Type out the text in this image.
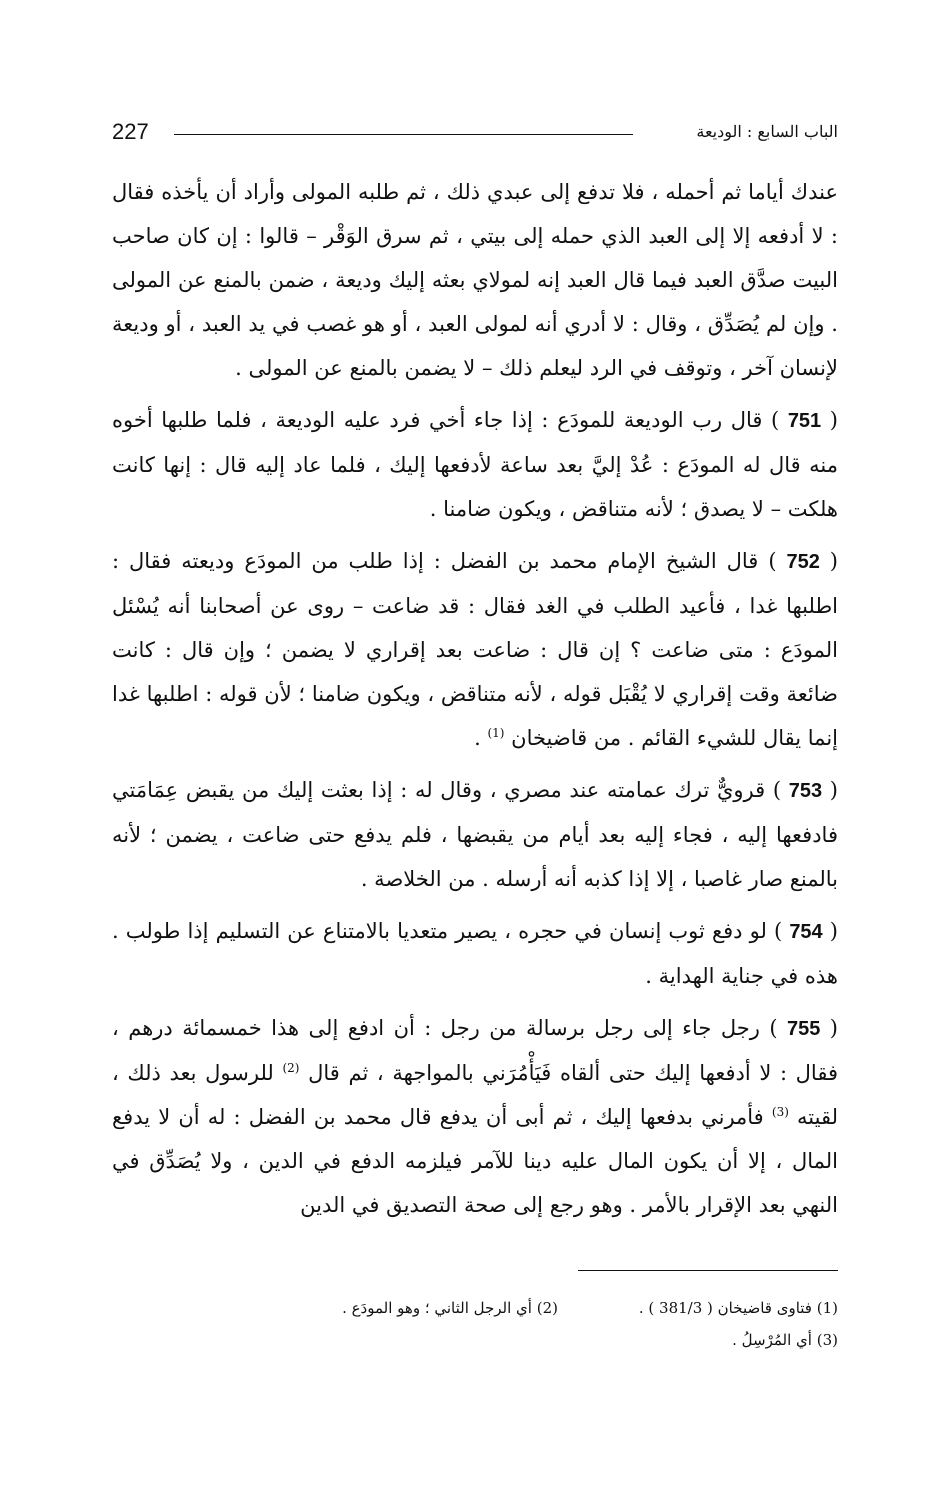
227	الباب السابع : الوديعة

عندك أياما ثم أحمله ، فلا تدفع إلى عبدي ذلك ، ثم طلبه المولى وأراد أن يأخذه فقال : لا أدفعه إلا إلى العبد الذي حمله إلى بيتي ، ثم سرق الوَقْر – قالوا : إن كان صاحب البيت صدَّق العبد فيما قال العبد إنه لمولاي بعثه إليك وديعة ، ضمن بالمنع عن المولى . وإن لم يُصَدِّق ، وقال : لا أدري أنه لمولى العبد ، أو هو غصب في يد العبد ، أو وديعة لإنسان آخر ، وتوقف في الرد ليعلم ذلك – لا يضمن بالمنع عن المولى .

( 751 ) قال رب الوديعة للمودَع : إذا جاء أخي فرد عليه الوديعة ، فلما طلبها أخوه منه قال له المودَع : عُدْ إليَّ بعد ساعة لأدفعها إليك ، فلما عاد إليه قال : إنها كانت هلكت – لا يصدق ؛ لأنه متناقض ، ويكون ضامنا .

( 752 ) قال الشيخ الإمام محمد بن الفضل : إذا طلب من المودَع وديعته فقال : اطلبها غدا ، فأعيد الطلب في الغد فقال : قد ضاعت – روى عن أصحابنا أنه يُسْئل المودَع : متى ضاعت ؟ إن قال : ضاعت بعد إقراري لا يضمن ؛ وإن قال : كانت ضائعة وقت إقراري لا يُقْبَل قوله ، لأنه متناقض ، ويكون ضامنا ؛ لأن قوله : اطلبها غدا إنما يقال للشيء القائم . من قاضيخان $^{(1)}$ .

( 753 ) قرويٌّ ترك عمامته عند مصري ، وقال له : إذا بعثت إليك من يقبض عِمَامَتي فادفعها إليه ، فجاء إليه بعد أيام من يقبضها ، فلم يدفع حتى ضاعت ، يضمن ؛ لأنه بالمنع صار غاصبا ، إلا إذا كذبه أنه أرسله . من الخلاصة .

( 754 ) لو دفع ثوب إنسان في حجره ، يصير متعديا بالامتناع عن التسليم إذا طولب . هذه في جناية الهداية .

( 755 ) رجل جاء إلى رجل برسالة من رجل : أن ادفع إلى هذا خمسمائة درهم ، فقال : لا أدفعها إليك حتى ألقاه فَيَأْمُرَني بالمواجهة ، ثم قال $^{(2)}$ للرسول بعد ذلك ، لقيته $^{(3)}$ فأمرني بدفعها إليك ، ثم أبى أن يدفع قال محمد بن الفضل : له أن لا يدفع المال ، إلا أن يكون المال عليه دينا للآمر فيلزمه الدفع في الدين ، ولا يُصَدِّق في النهي بعد الإقرار بالأمر . وهو رجع إلى صحة التصديق في الدين

(1) فتاوى قاضيخان ( 381/3 ) .
(2) أي الرجل الثاني ؛ وهو المودَع .
(3) أي المُرْسِلُ .
